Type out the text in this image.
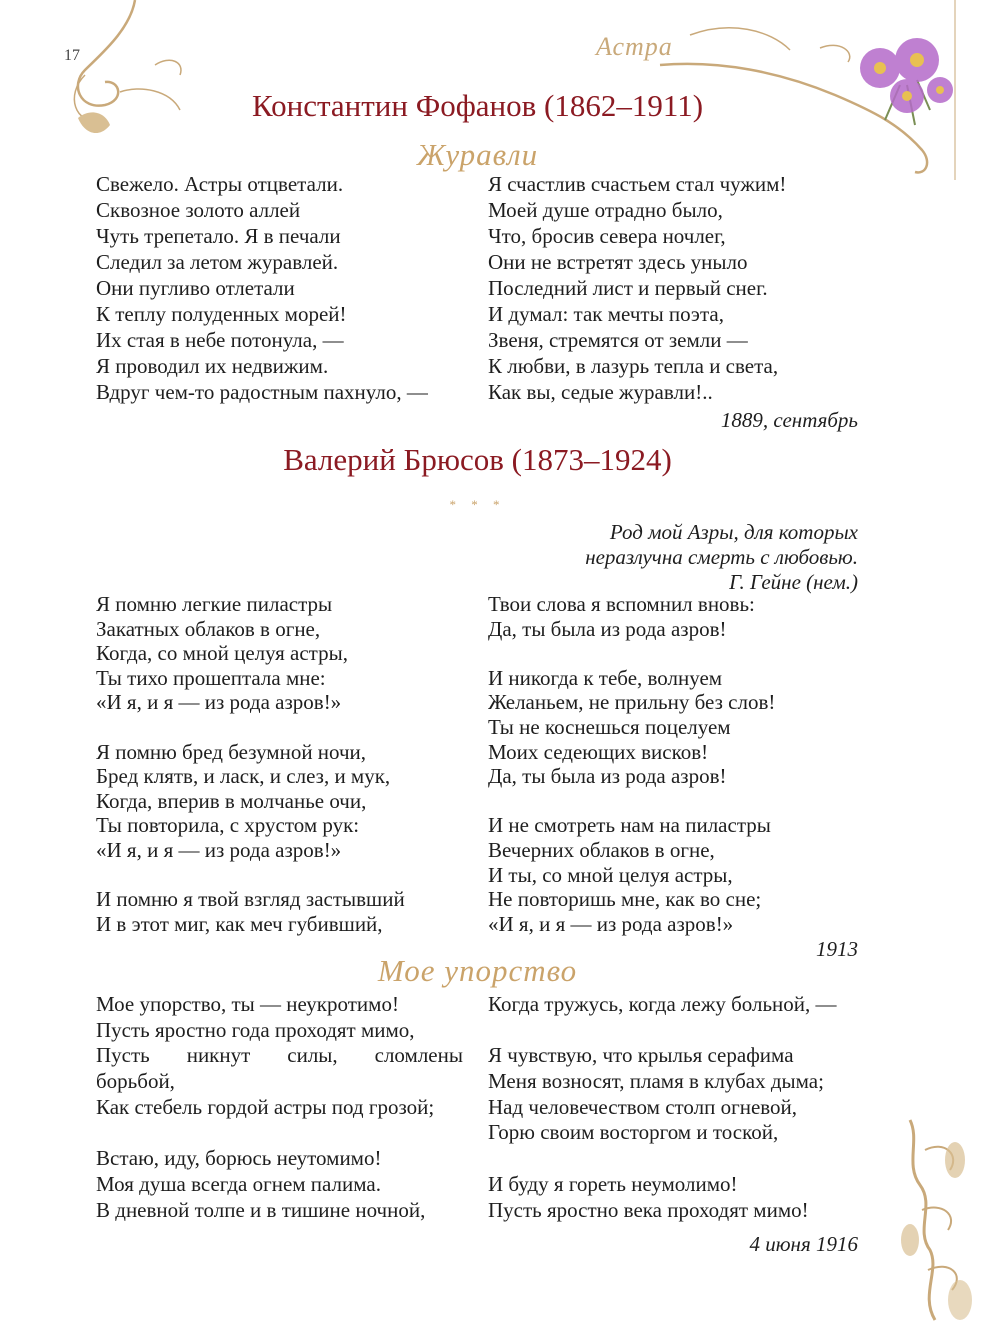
17	Астра
Константин Фофанов (1862–1911)
Журавли
Свежело. Астры отцветали.
Сквозное золото аллей
Чуть трепетало. Я в печали
Следил за летом журавлей.
Они пугливо отлетали
К теплу полуденных морей!
Их стая в небе потонула, —
Я проводил их недвижим.
Вдруг чем-то радостным пахнуло, —
Я счастлив счастьем стал чужим!
Моей душе отрадно было,
Что, бросив севера ночлег,
Они не встретят здесь уныло
Последний лист и первый снег.
И думал: так мечты поэта,
Звеня, стремятся от земли —
К любви, в лазурь тепла и света,
Как вы, седые журавли!..
1889, сентябрь
Валерий Брюсов (1873–1924)
* * *
Род мой Азры, для которых
неразлучна смерть с любовью.
Г. Гейне (нем.)
Я помню легкие пиластры
Закатных облаков в огне,
Когда, со мной целуя астры,
Ты тихо прошептала мне:
«И я, и я — из рода азров!»
Я помню бред безумной ночи,
Бред клятв, и ласк, и слез, и мук,
Когда, вперив в молчанье очи,
Ты повторила, с хрустом рук:
«И я, и я — из рода азров!»
И помню я твой взгляд застывший
И в этот миг, как меч губивший,
Твои слова я вспомнил вновь:
Да, ты была из рода азров!
И никогда к тебе, волнуем
Желаньем, не прильну без слов!
Ты не коснешься поцелуем
Моих седеющих висков!
Да, ты была из рода азров!
И не смотреть нам на пиластры
Вечерних облаков в огне,
И ты, со мной целуя астры,
Не повторишь мне, как во сне;
«И я, и я — из рода азров!»
1913
Мое упорство
Мое упорство, ты — неукротимо!
Пусть яростно года проходят мимо,
Пусть никнут силы, сломлены
борьбой,
Как стебель гордой астры под грозой;
Встаю, иду, борюсь неутомимо!
Моя душа всегда огнем палима.
В дневной толпе и в тишине ночной,
Когда тружусь, когда лежу больной, —
Я чувствую, что крылья серафима
Меня возносят, пламя в клубах дыма;
Над человечеством столп огневой,
Горю своим восторгом и тоской,
И буду я гореть неумолимо!
Пусть яростно века проходят мимо!
4 июня 1916
